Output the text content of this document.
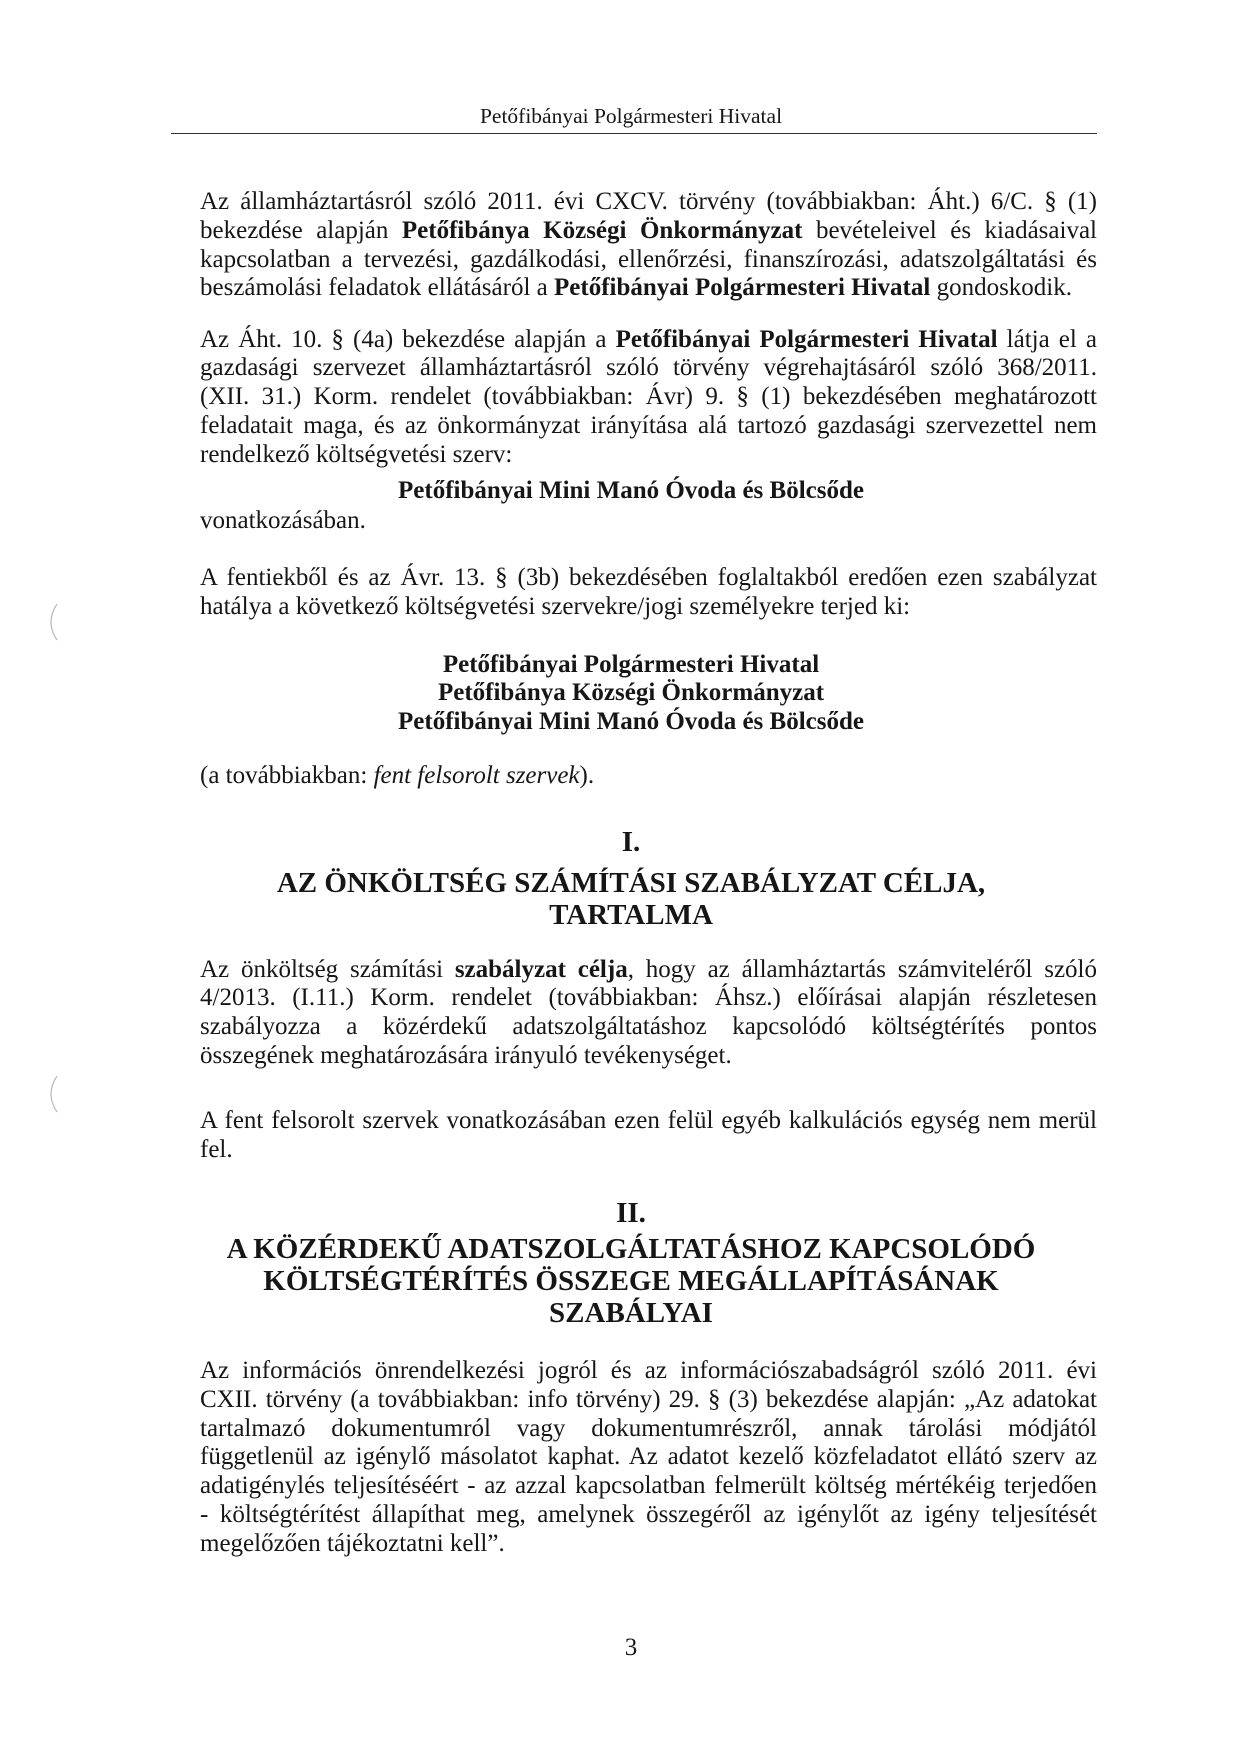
Petőfibányai Polgármesteri Hivatal
Az államháztartásról szóló 2011. évi CXCV. törvény (továbbiakban: Áht.) 6/C. § (1)
bekezdése alapján Petőfibánya Községi Önkormányzat bevételeivel és kiadásaival
kapcsolatban a tervezési, gazdálkodási, ellenőrzési, finanszírozási, adatszolgáltatási és
beszámolási feladatok ellátásáról a Petőfibányai Polgármesteri Hivatal gondoskodik.
Az Áht. 10. § (4a) bekezdése alapján a Petőfibányai Polgármesteri Hivatal látja el a
gazdasági szervezet államháztartásról szóló törvény végrehajtásáról szóló 368/2011.
(XII. 31.) Korm. rendelet (továbbiakban: Ávr) 9. § (1) bekezdésében meghatározott
feladatait maga, és az önkormányzat irányítása alá tartozó gazdasági szervezettel nem
rendelkező költségvetési szerv:
Petőfibányai Mini Manó Óvoda és Bölcsőde
vonatkozásában.
A fentiekből és az Ávr. 13. § (3b) bekezdésében foglaltakból eredően ezen szabályzat
hatálya a következő költségvetési szervekre/jogi személyekre terjed ki:
Petőfibányai Polgármesteri Hivatal
Petőfibánya Községi Önkormányzat
Petőfibányai Mini Manó Óvoda és Bölcsőde
(a továbbiakban: fent felsorolt szervek).
I.
AZ ÖNKÖLTSÉG SZÁMÍTÁSI SZABÁLYZAT CÉLJA,
TARTALMA
Az önköltség számítási szabályzat célja, hogy az államháztartás számviteléről szóló
4/2013. (I.11.) Korm. rendelet (továbbiakban: Áhsz.) előírásai alapján részletesen
szabályozza a közérdekű adatszolgáltatáshoz kapcsolódó költségtérítés pontos
összegének meghatározására irányuló tevékenységet.
A fent felsorolt szervek vonatkozásában ezen felül egyéb kalkulációs egység nem merül
fel.
II.
A KÖZÉRDEKŰ ADATSZOLGÁLTATÁSHOZ KAPCSOLÓDÓ
KÖLTSÉGTÉRÍTÉS ÖSSZEGE MEGÁLLAPÍTÁSÁNAK
SZABÁLYAI
Az információs önrendelkezési jogról és az információszabadságról szóló 2011. évi
CXII. törvény (a továbbiakban: info törvény) 29. § (3) bekezdése alapján: „Az adatokat
tartalmazó dokumentumról vagy dokumentumrészről, annak tárolási módjától
függetlenül az igénylő másolatot kaphat. Az adatot kezelő közfeladatot ellátó szerv az
adatigénylés teljesítéséért - az azzal kapcsolatban felmerült költség mértékéig terjedően
- költségtérítést állapíthat meg, amelynek összegéről az igénylőt az igény teljesítését
megelőzően tájékoztatni kell”.
3
